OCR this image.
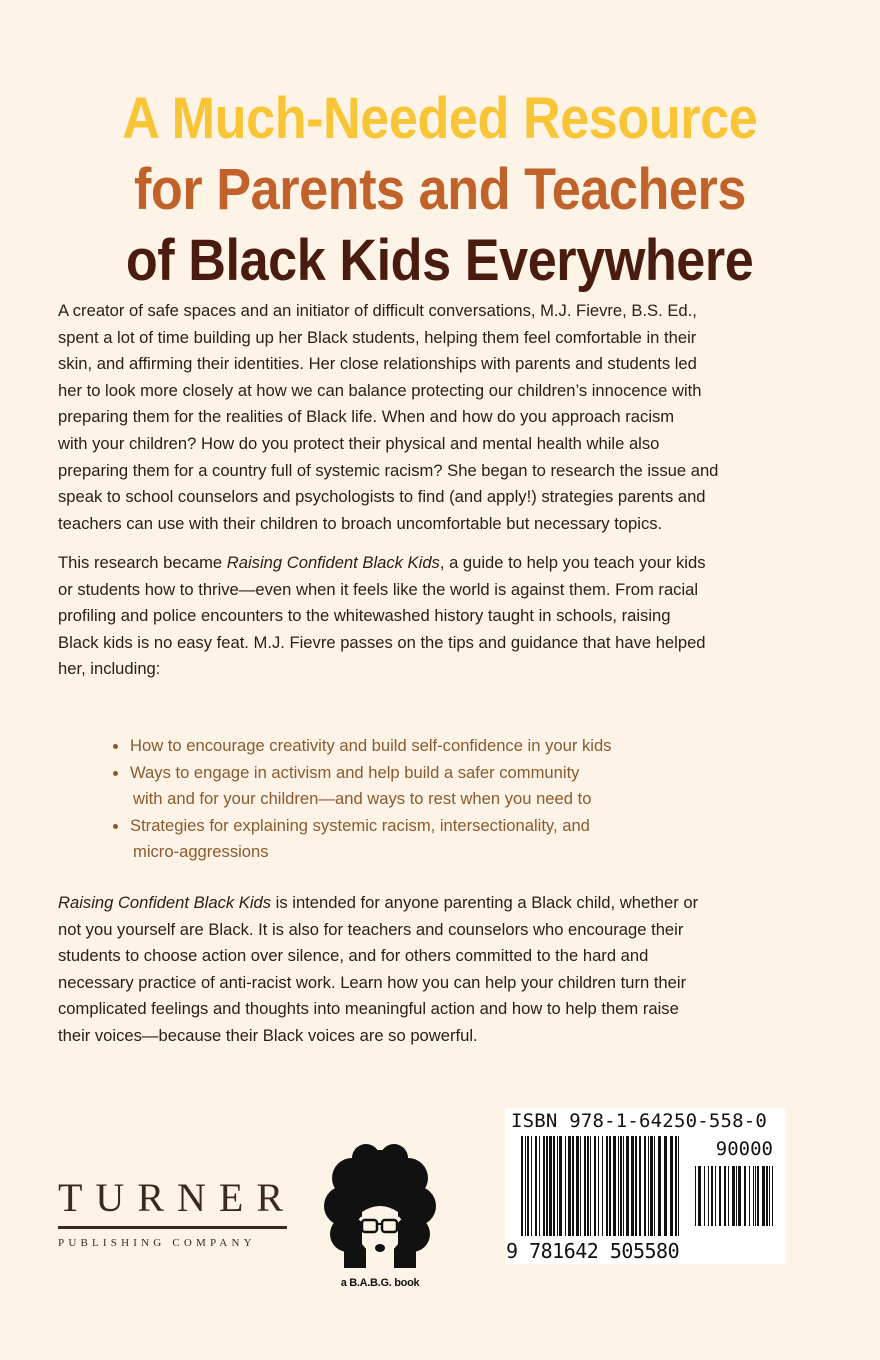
A Much-Needed Resource
for Parents and Teachers
of Black Kids Everywhere
A creator of safe spaces and an initiator of difficult conversations, M.J. Fievre, B.S. Ed.,
spent a lot of time building up her Black students, helping them feel comfortable in their
skin, and affirming their identities. Her close relationships with parents and students led
her to look more closely at how we can balance protecting our children’s innocence with
preparing them for the realities of Black life. When and how do you approach racism
with your children? How do you protect their physical and mental health while also
preparing them for a country full of systemic racism? She began to research the issue and
speak to school counselors and psychologists to find (and apply!) strategies parents and
teachers can use with their children to broach uncomfortable but necessary topics.
This research became Raising Confident Black Kids, a guide to help you teach your kids
or students how to thrive—even when it feels like the world is against them. From racial
profiling and police encounters to the whitewashed history taught in schools, raising
Black kids is no easy feat. M.J. Fievre passes on the tips and guidance that have helped
her, including:
How to encourage creativity and build self-confidence in your kids
Ways to engage in activism and help build a safer community
with and for your children—and ways to rest when you need to
Strategies for explaining systemic racism, intersectionality, and
micro-aggressions
Raising Confident Black Kids is intended for anyone parenting a Black child, whether or
not you yourself are Black. It is also for teachers and counselors who encourage their
students to choose action over silence, and for others committed to the hard and
necessary practice of anti-racist work. Learn how you can help your children turn their
complicated feelings and thoughts into meaningful action and how to help them raise
their voices—because their Black voices are so powerful.
TURNER
PUBLISHING COMPANY
a B.A.B.G. book
ISBN 978-1-64250-558-0
90000
9 781642 505580
